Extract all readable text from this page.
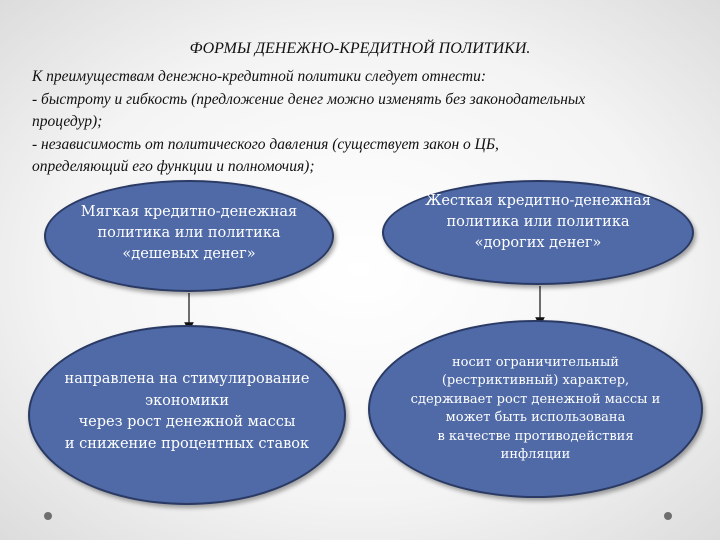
ФОРМЫ ДЕНЕЖНО-КРЕДИТНОЙ ПОЛИТИКИ.
К преимуществам денежно-кредитной политики следует отнести:
- быстроту и гибкость (предложение денег можно изменять без законодательных
процедур);
- независимость от политического давления (существует закон о ЦБ,
определяющий его функции и полномочия);
Мягкая кредитно-денежная
политика или политика
«дешевых денег»
Жесткая кредитно-денежная
политика или политика
«дорогих денег»
направлена на стимулирование
экономики
через рост денежной массы
и снижение процентных ставок
носит ограничительный
(рестриктивный) характер,
сдерживает рост денежной массы и
может быть использована
в качестве противодействия
инфляции
